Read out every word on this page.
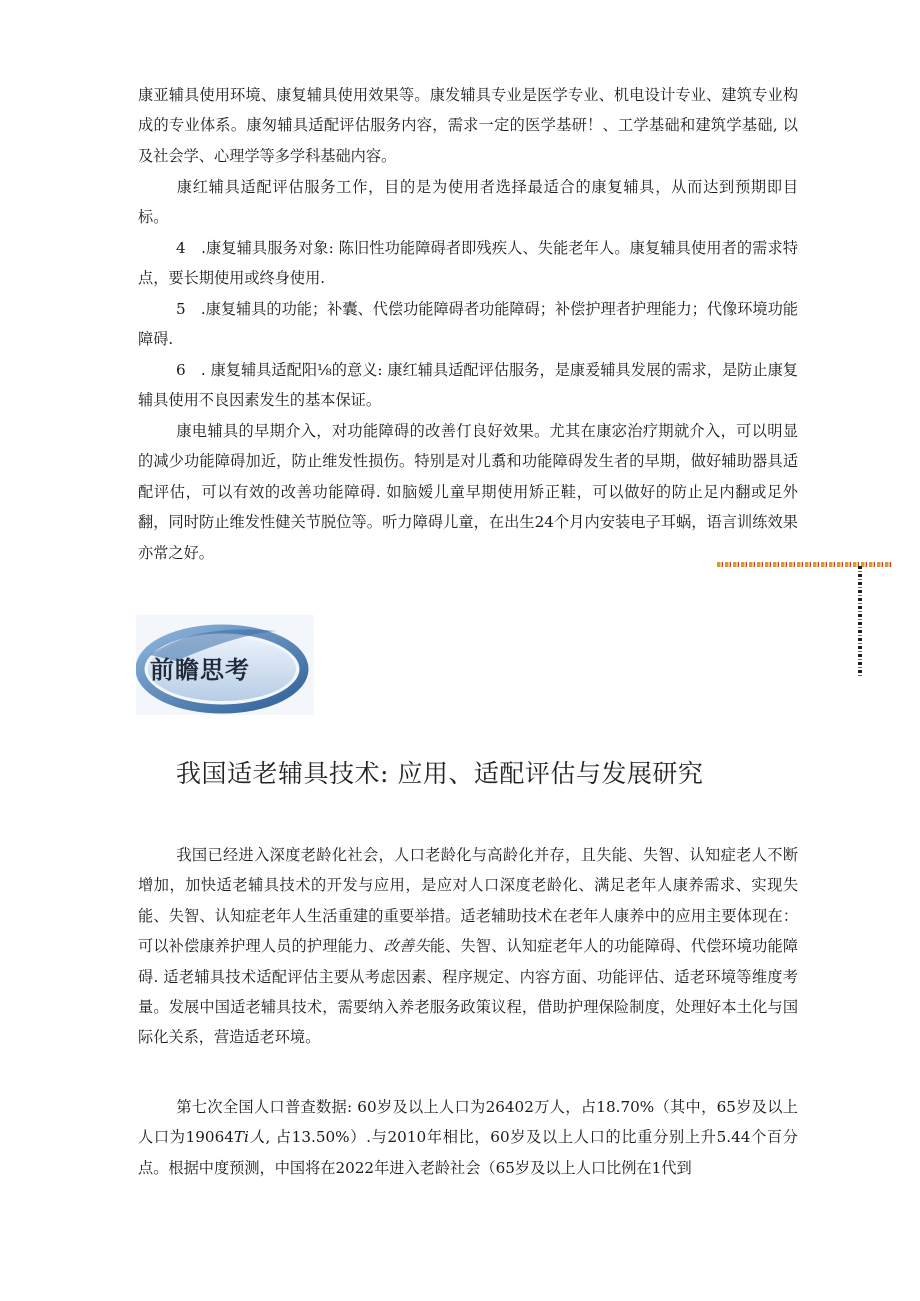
康亚辅具使用环境、康复辅具使用效果等。康发辅具专业是医学专业、机电设计专业、建筑专业构成的专业体系。康匆辅具适配评估服务内容，需求一定的医学基研！、工学基础和建筑学基础, 以及社会学、心理学等多学科基础内容。

康红辅具适配评估服务工作，目的是为使用者选择最适合的康复辅具，从而达到预期即目标。

4　.康复辅具服务对象: 陈旧性功能障碍者即残疾人、失能老年人。康复辅具使用者的需求特点，要长期使用或终身使用.

5　.康复辅具的功能；补囊、代偿功能障碍者功能障碍；补偿护理者护理能力；代像环境功能障碍.

6　. 康复辅具适配阳⅛的意义: 康红辅具适配评估服务，是康爰辅具发展的需求，是防止康复辅具使用不良因素发生的基本保证。

康电辅具的早期介入，对功能障碍的改善仃良好效果。尤其在康宓治疗期就介入，可以明显的减少功能障碍加近，防止维发性损伤。特别是对儿翥和功能障碍发生者的早期，做好辅助器具适配评估，可以有效的改善功能障碍. 如脑嫒儿童早期使用矫正鞋，可以做好的防止足内翻或足外翻，同时防止维发性健关节脱位等。听力障碍儿童，在出生24个月内安装电子耳蜗，语言训练效果亦常之好。

前瞻思考
我国适老辅具技术: 应用、适配评估与发展研究

我国已经进入深度老龄化社会，人口老龄化与高龄化并存，且失能、失智、认知症老人不断增加，加快适老辅具技术的开发与应用，是应对人口深度老龄化、满足老年人康养需求、实现失能、失智、认知症老年人生活重建的重要举措。适老辅助技术在老年人康养中的应用主要体现在：可以补偿康养护理人员的护理能力、改善失能、失智、认知症老年人的功能障碍、代偿环境功能障碍. 适老辅具技术适配评估主要从考虑因素、程序规定、内容方面、功能评估、适老环境等维度考量。发展中国适老辅具技术，需要纳入养老服务政策议程，借助护理保险制度，处理好本土化与国际化关系，营造适老环境。

第七次全国人口普查数据: 60岁及以上人口为26402万人，占18.70%（其中，65岁及以上人口为19064Ti人, 占13.50%）.与2010年相比，60岁及以上人口的比重分别上升5.44个百分点。根据中度预测，中国将在2022年进入老龄社会（65岁及以上人口比例在1代到
